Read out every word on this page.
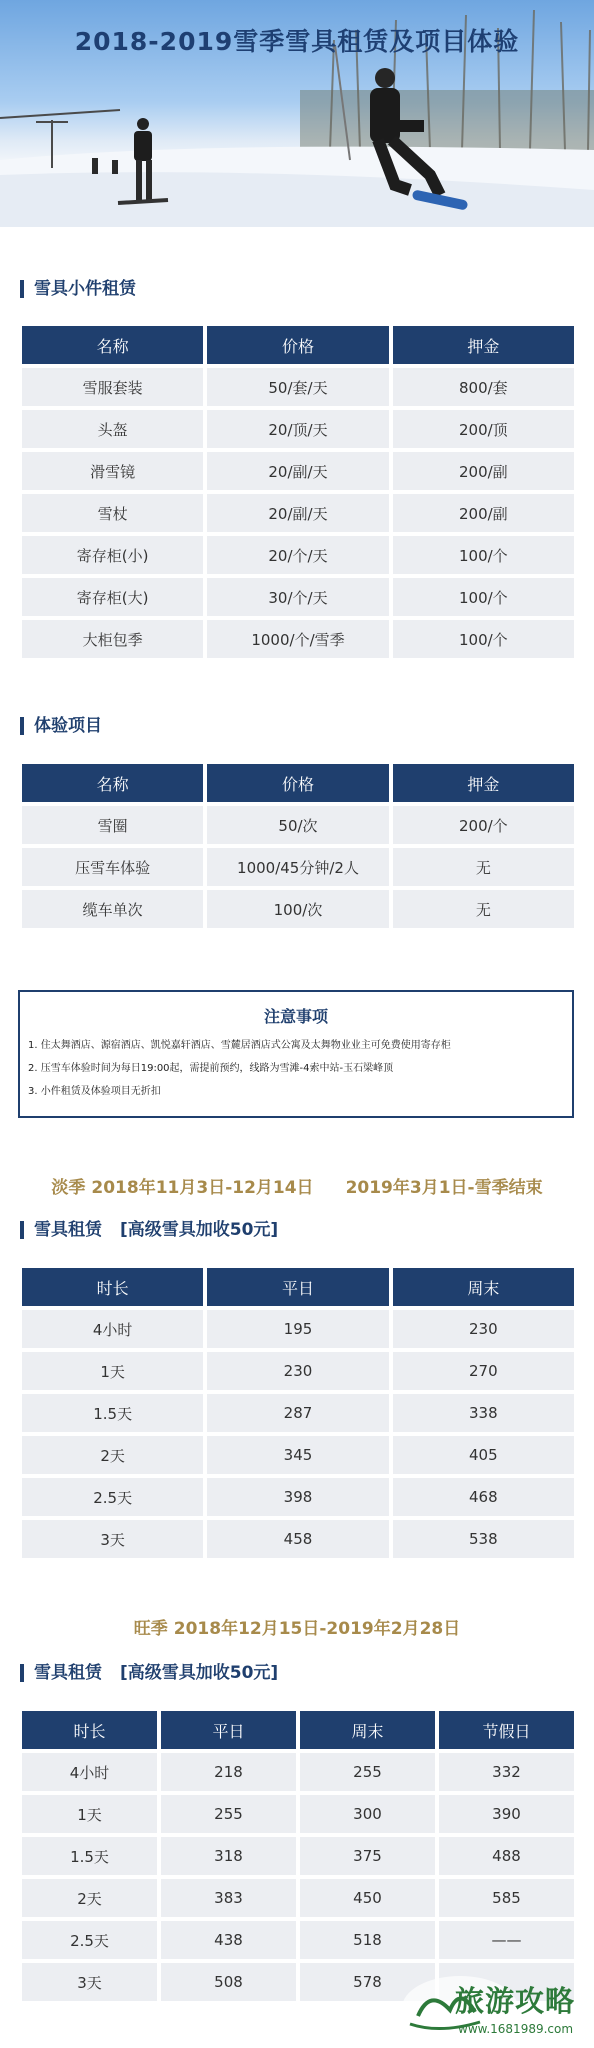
2018-2019雪季雪具租赁及项目体验
雪具小件租赁
名称	价格	押金
雪服套装	50/套/天	800/套
头盔	20/顶/天	200/顶
滑雪镜	20/副/天	200/副
雪杖	20/副/天	200/副
寄存柜(小)	20/个/天	100/个
寄存柜(大)	30/个/天	100/个
大柜包季	1000/个/雪季	100/个
体验项目
名称	价格	押金
雪圈	50/次	200/个
压雪车体验	1000/45分钟/2人	无
缆车单次	100/次	无
注意事项
1. 住太舞酒店、源宿酒店、凯悦嘉轩酒店、雪麓居酒店式公寓及太舞物业业主可免费使用寄存柜
2. 压雪车体验时间为每日19:00起，需提前预约，线路为雪滩-4索中站-玉石梁峰顶
3. 小件租赁及体验项目无折扣
淡季 2018年11月3日-12月14日 2019年3月1日-雪季结束
雪具租赁 [高级雪具加收50元]
时长	平日	周末
4小时	195	230
1天	230	270
1.5天	287	338
2天	345	405
2.5天	398	468
3天	458	538
旺季 2018年12月15日-2019年2月28日
雪具租赁 [高级雪具加收50元]
时长	平日	周末	节假日
4小时	218	255	332
1天	255	300	390
1.5天	318	375	488
2天	383	450	585
2.5天	438	518	——
3天	508	578	
旅游攻略
www.1681989.com
